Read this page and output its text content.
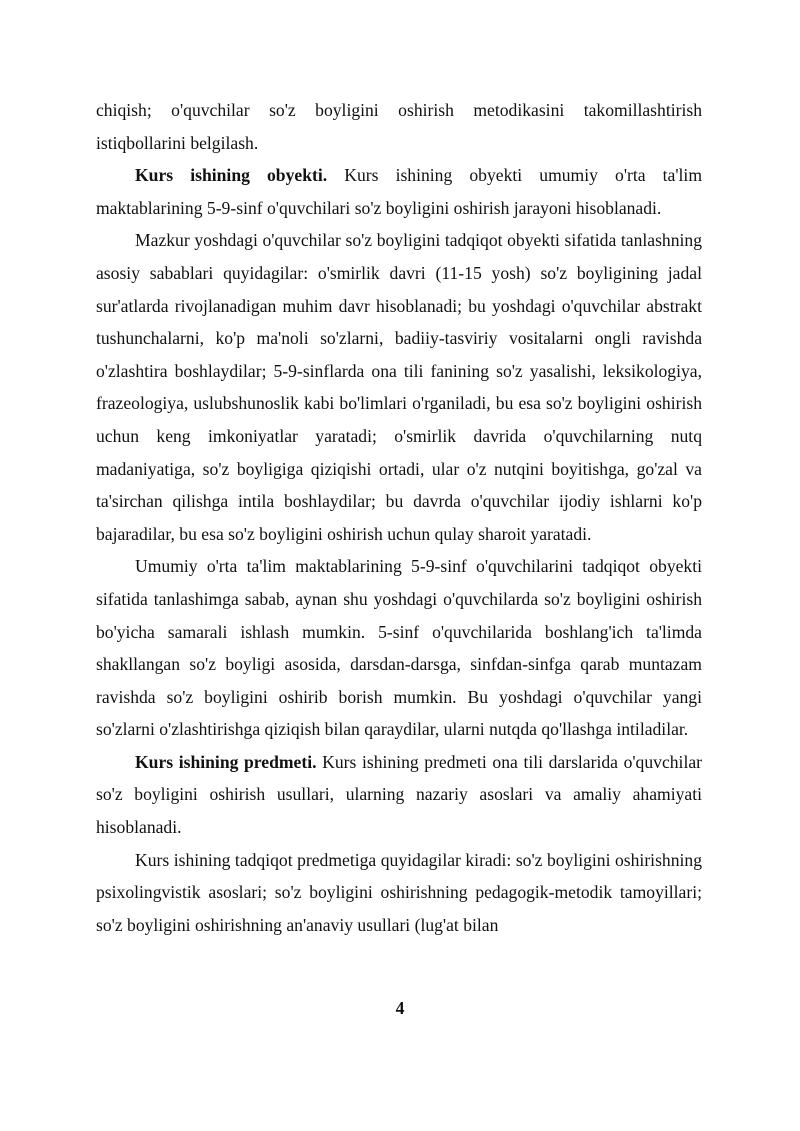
chiqish; o'quvchilar so'z boyligini oshirish metodikasini takomillashtirish istiqbollarini belgilash.

Kurs ishining obyekti. Kurs ishining obyekti umumiy o'rta ta'lim maktablarining 5-9-sinf o'quvchilari so'z boyligini oshirish jarayoni hisoblanadi.

Mazkur yoshdagi o'quvchilar so'z boyligini tadqiqot obyekti sifatida tanlashning asosiy sabablari quyidagilar: o'smirlik davri (11-15 yosh) so'z boyligining jadal sur'atlarda rivojlanadigan muhim davr hisoblanadi; bu yoshdagi o'quvchilar abstrakt tushunchalarni, ko'p ma'noli so'zlarni, badiiy-tasviriy vositalarni ongli ravishda o'zlashtira boshlaydilar; 5-9-sinflarda ona tili fanining so'z yasalishi, leksikologiya, frazeologiya, uslubshunoslik kabi bo'limlari o'rganiladi, bu esa so'z boyligini oshirish uchun keng imkoniyatlar yaratadi; o'smirlik davrida o'quvchilarning nutq madaniyatiga, so'z boyligiga qiziqishi ortadi, ular o'z nutqini boyitishga, go'zal va ta'sirchan qilishga intila boshlaydilar; bu davrda o'quvchilar ijodiy ishlarni ko'p bajaradilar, bu esa so'z boyligini oshirish uchun qulay sharoit yaratadi.

Umumiy o'rta ta'lim maktablarining 5-9-sinf o'quvchilarini tadqiqot obyekti sifatida tanlashimga sabab, aynan shu yoshdagi o'quvchilarda so'z boyligini oshirish bo'yicha samarali ishlash mumkin. 5-sinf o'quvchilarida boshlang'ich ta'limda shakllangan so'z boyligi asosida, darsdan-darsga, sinfdan-sinfga qarab muntazam ravishda so'z boyligini oshirib borish mumkin. Bu yoshdagi o'quvchilar yangi so'zlarni o'zlashtirishga qiziqish bilan qaraydilar, ularni nutqda qo'llashga intiladilar.

Kurs ishining predmeti. Kurs ishining predmeti ona tili darslarida o'quvchilar so'z boyligini oshirish usullari, ularning nazariy asoslari va amaliy ahamiyati hisoblanadi.

Kurs ishining tadqiqot predmetiga quyidagilar kiradi: so'z boyligini oshirishning psixolingvistik asoslari; so'z boyligini oshirishning pedagogik-metodik tamoyillari; so'z boyligini oshirishning an'anaviy usullari (lug'at bilan

4
